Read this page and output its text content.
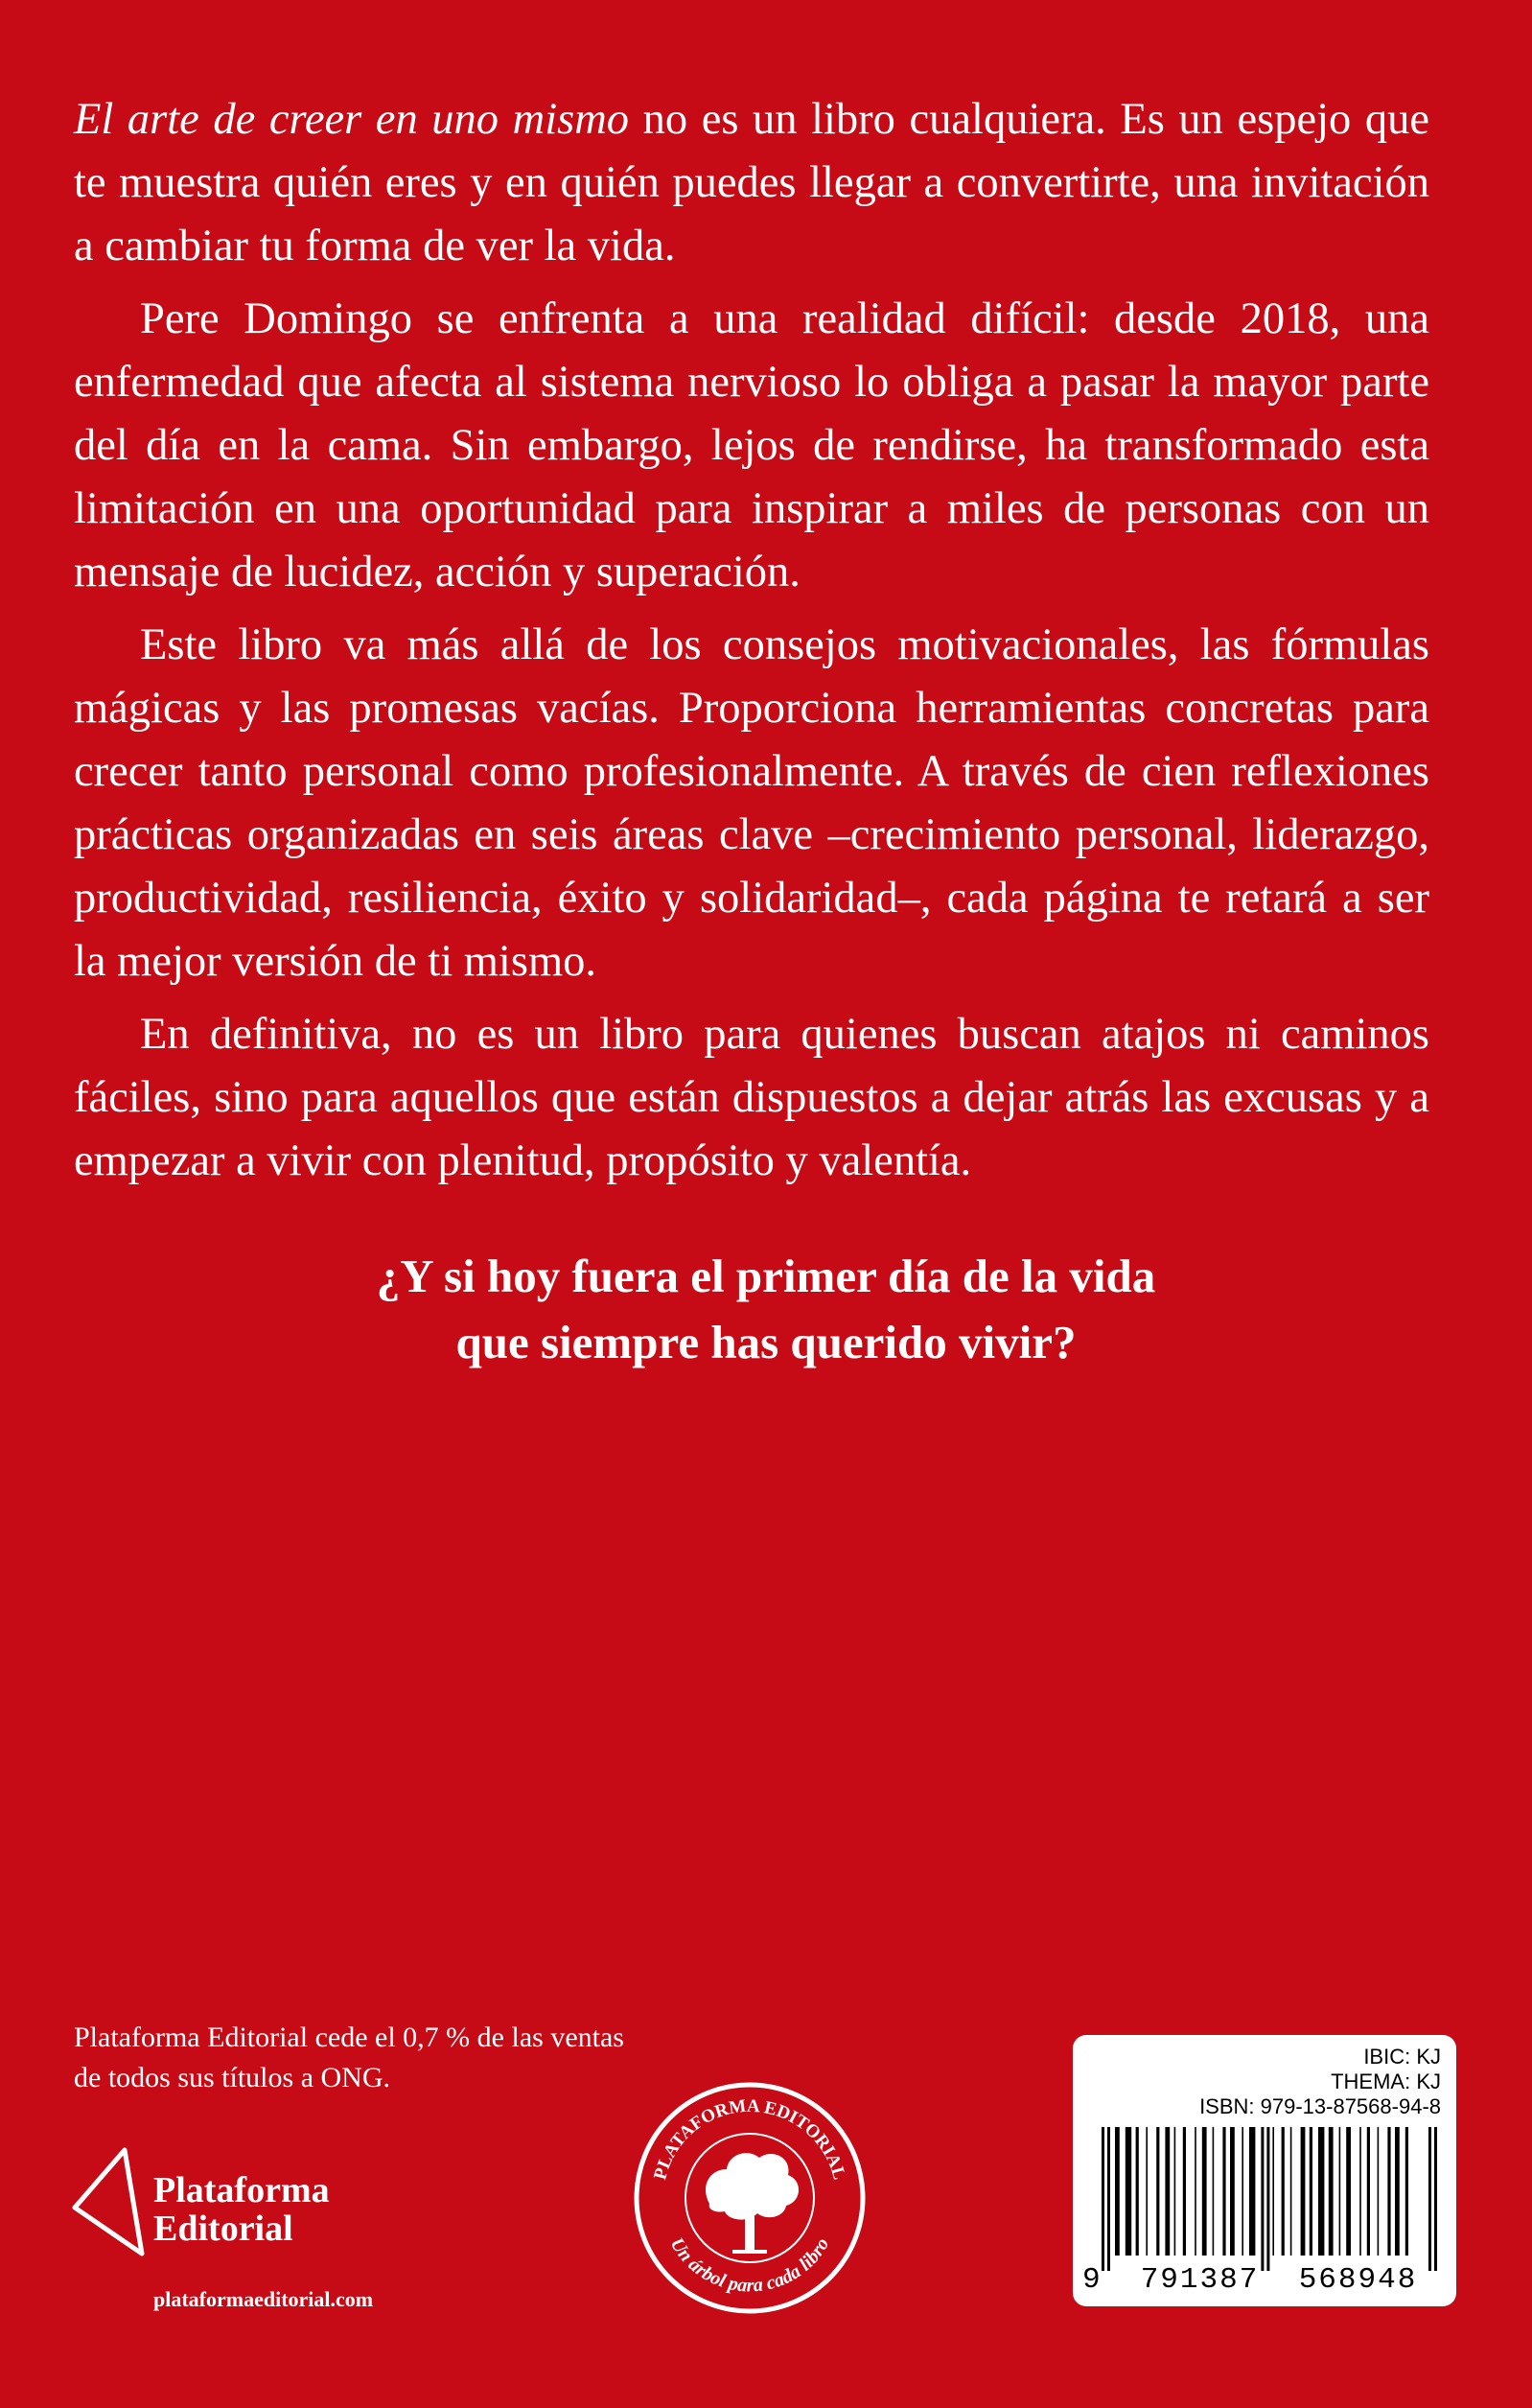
El arte de creer en uno mismo no es un libro cualquiera. Es un espejo que te muestra quién eres y en quién puedes llegar a convertirte, una invitación a cambiar tu forma de ver la vida.

Pere Domingo se enfrenta a una realidad difícil: desde 2018, una enfermedad que afecta al sistema nervioso lo obliga a pasar la mayor parte del día en la cama. Sin embargo, lejos de rendirse, ha transformado esta limitación en una oportunidad para inspirar a miles de personas con un mensaje de lucidez, acción y superación.

Este libro va más allá de los consejos motivacionales, las fórmulas mágicas y las promesas vacías. Proporciona herramientas concretas para crecer tanto personal como profesionalmente. A través de cien reflexiones prácticas organizadas en seis áreas clave –crecimiento personal, liderazgo, productividad, resiliencia, éxito y solidaridad–, cada página te retará a ser la mejor versión de ti mismo.

En definitiva, no es un libro para quienes buscan atajos ni caminos fáciles, sino para aquellos que están dispuestos a dejar atrás las excusas y a empezar a vivir con plenitud, propósito y valentía.

¿Y si hoy fuera el primer día de la vida
que siempre has querido vivir?
Plataforma Editorial cede el 0,7 % de las ventas
de todos sus títulos a ONG.
Plataforma
Editorial
plataformaeditorial.com
PLATAFORMA EDITORIAL
Un árbol para cada libro
IBIC: KJ
THEMA: KJ
ISBN: 979-13-87568-94-8
9 791387 568948
